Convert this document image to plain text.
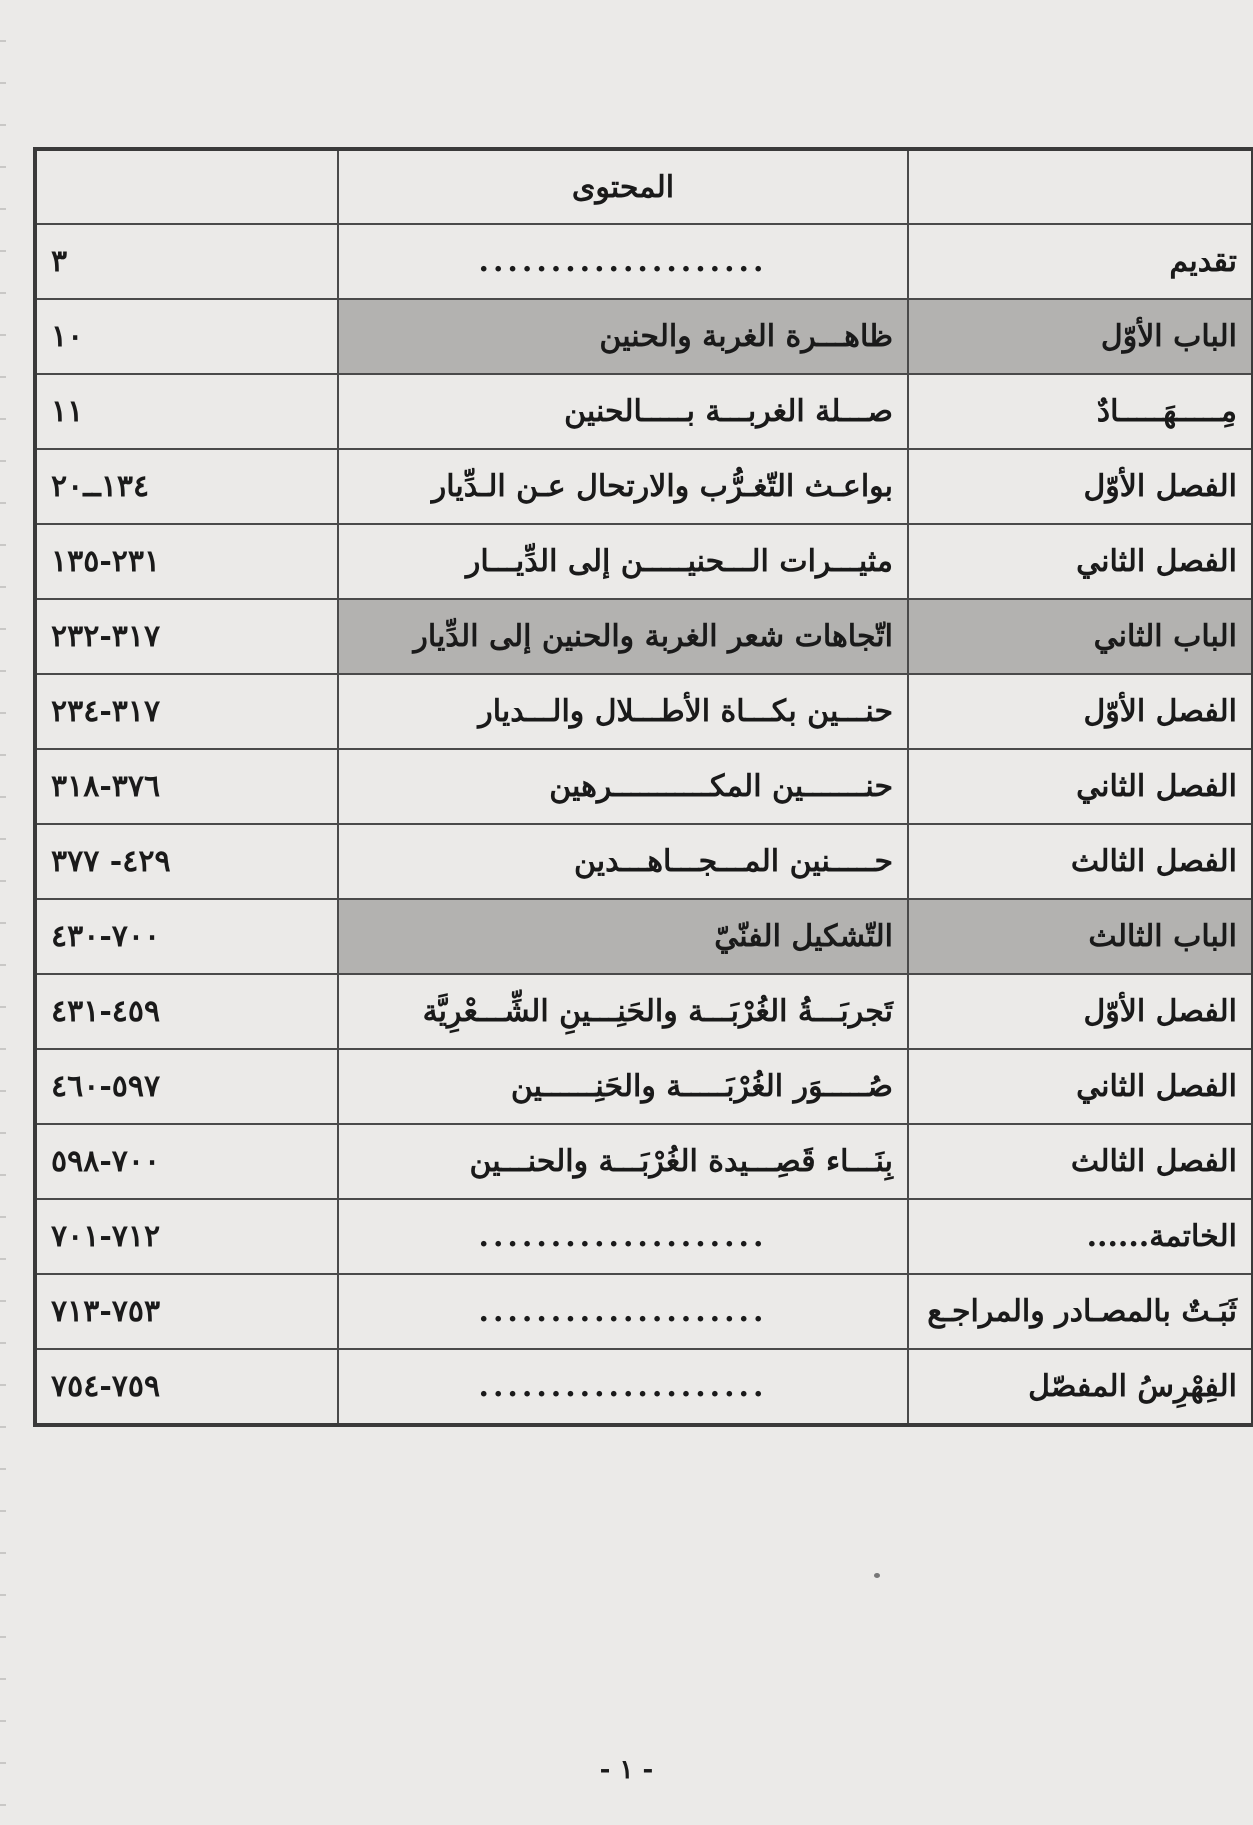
	المحتوى	
تقديم	....................	٣
الباب الأوّل	ظاهـــرة الغربة والحنين	١٠
مِـــــهَـــــادٌ	صـــلة الغربـــة بـــــالحنين	١١
الفصل الأوّل	بواعـث التّغـرُّب والارتحال عـن الـدِّيار	١٣٤ــ٢٠
الفصل الثاني	مثيـــرات الـــحنيـــــن إلى الدِّيـــار	٢٣١-١٣٥
الباب الثاني	اتّجاهات شعر الغربة والحنين إلى الدِّيار	٣١٧-٢٣٢
الفصل الأوّل	حنـــين بكـــاة الأطـــلال والـــديار	٣١٧-٢٣٤
الفصل الثاني	حنـــــــين المكـــــــــــرهين	٣٧٦-٣١٨
الفصل الثالث	حـــــنين المـــجـــاهـــدين	٤٢٩- ٣٧٧
الباب الثالث	التّشكيل الفنّيّ	٧٠٠-٤٣٠
الفصل الأوّل	تَجربَـــةُ الغُرْبَـــة والحَنِـــينِ الشِّـــعْرِيَّة	٤٥٩-٤٣١
الفصل الثاني	صُـــــوَر الغُرْبَـــــة والحَنِــــــين	٥٩٧-٤٦٠
الفصل الثالث	بِنَـــاء قَصِـــيدة الغُرْبَـــة والحنـــين	٧٠٠-٥٩٨
الخاتمة......	....................	٧١٢-٧٠١
ثَبَـتٌ بالمصـادر والمراجـع	....................	٧٥٣-٧١٣
الفِهْرِسُ المفصّل	....................	٧٥٩-٧٥٤
- ١ -
